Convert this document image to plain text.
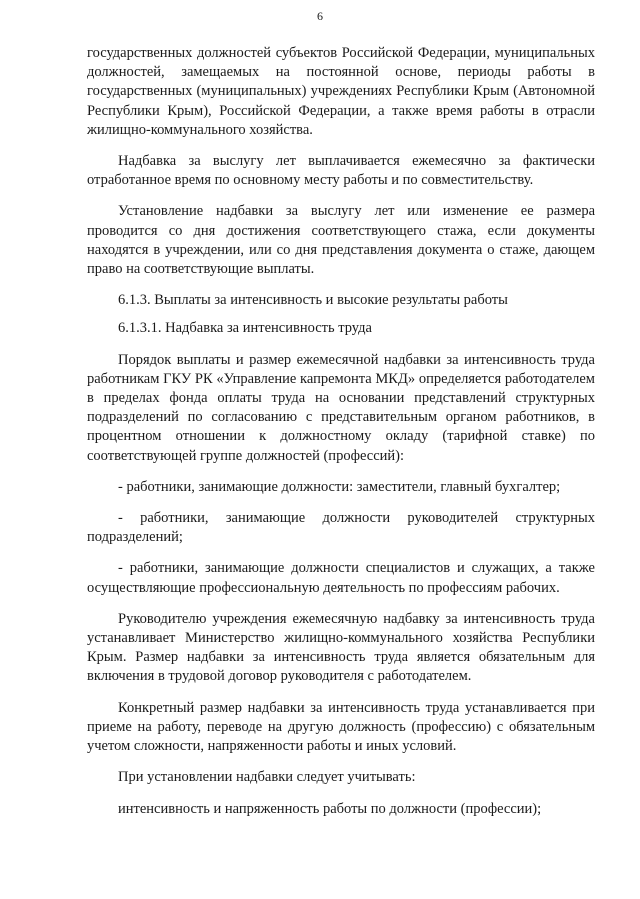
6

государственных должностей субъектов Российской Федерации, муниципальных должностей, замещаемых на постоянной основе, периоды работы в государственных (муниципальных) учреждениях Республики Крым (Автономной Республики Крым), Российской Федерации, а также время работы в отрасли жилищно-коммунального хозяйства.

Надбавка за выслугу лет выплачивается ежемесячно за фактически отработанное время по основному месту работы и по совместительству.

Установление надбавки за выслугу лет или изменение ее размера проводится со дня достижения соответствующего стажа, если документы находятся в учреждении, или со дня представления документа о стаже, дающем право на соответствующие выплаты.

6.1.3. Выплаты за интенсивность и высокие результаты работы

6.1.3.1. Надбавка за интенсивность труда

Порядок выплаты и размер ежемесячной надбавки за интенсивность труда работникам ГКУ РК «Управление капремонта МКД» определяется работодателем в пределах фонда оплаты труда на основании представлений структурных подразделений по согласованию с представительным органом работников, в процентном отношении к должностному окладу (тарифной ставке) по соответствующей группе должностей (профессий):

- работники, занимающие должности: заместители, главный бухгалтер;

- работники, занимающие должности руководителей структурных подразделений;

- работники, занимающие должности специалистов и служащих, а также осуществляющие профессиональную деятельность по профессиям рабочих.

Руководителю учреждения ежемесячную надбавку за интенсивность труда устанавливает Министерство жилищно-коммунального хозяйства Республики Крым. Размер надбавки за интенсивность труда является обязательным для включения в трудовой договор руководителя с работодателем.

Конкретный размер надбавки за интенсивность труда устанавливается при приеме на работу, переводе на другую должность (профессию) с обязательным учетом сложности, напряженности работы и иных условий.

При установлении надбавки следует учитывать:

интенсивность и напряженность работы по должности (профессии);
